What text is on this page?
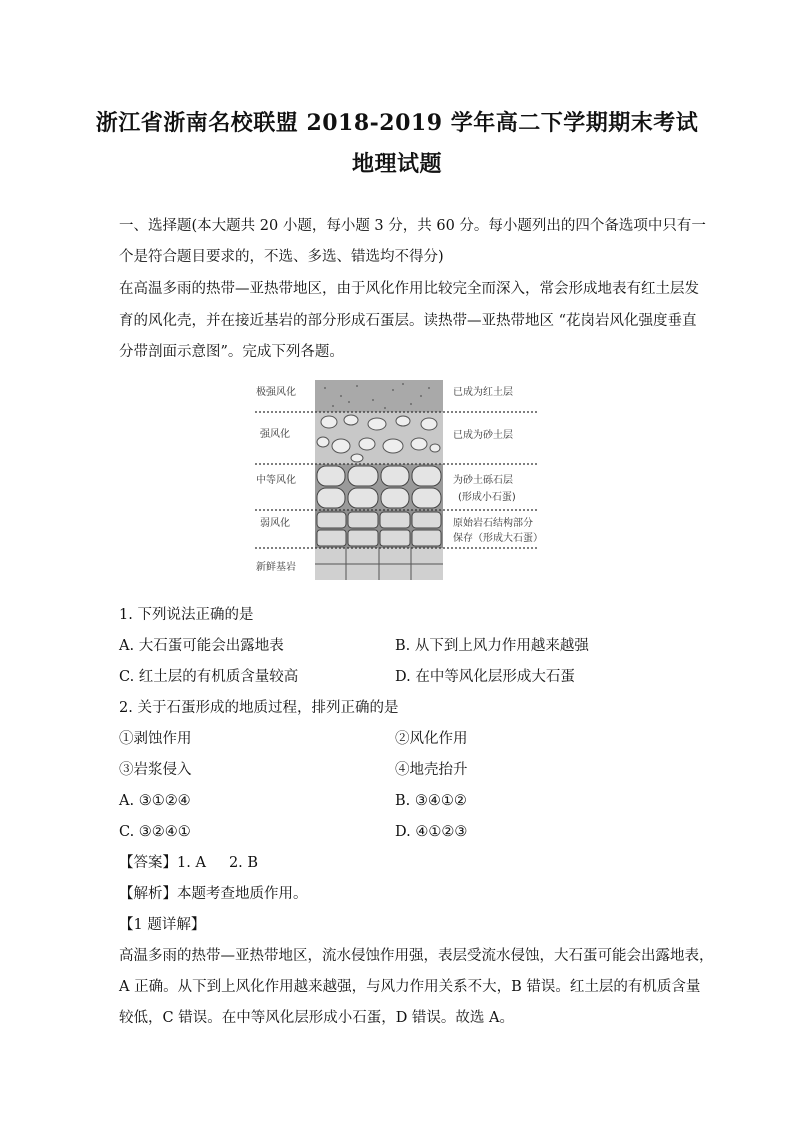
浙江省浙南名校联盟 2018-2019 学年高二下学期期末考试
地理试题
一、选择题(本大题共 20 小题，每小题 3 分，共 60 分。每小题列出的四个备选项中只有一
个是符合题目要求的，不选、多选、错选均不得分)
在高温多雨的热带—亚热带地区，由于风化作用比较完全而深入，常会形成地表有红土层发
育的风化壳，并在接近基岩的部分形成石蛋层。读热带—亚热带地区 “花岗岩风化强度垂直
分带剖面示意图”。完成下列各题。
极强风化
强风化
中等风化
弱风化
新鲜基岩
已成为红土层
已成为砂土层
为砂土砾石层
(形成小石蛋)
原始岩石结构部分
保存（形成大石蛋）
1. 下列说法正确的是
A. 大石蛋可能会出露地表	B. 从下到上风力作用越来越强
C. 红土层的有机质含量较高	D. 在中等风化层形成大石蛋
2. 关于石蛋形成的地质过程，排列正确的是
①剥蚀作用	②风化作用
③岩浆侵入	④地壳抬升
A. ③①②④	B. ③④①②
C. ③②④①	D. ④①②③
【答案】1. A     2. B
【解析】本题考查地质作用。
【1 题详解】
高温多雨的热带—亚热带地区，流水侵蚀作用强，表层受流水侵蚀，大石蛋可能会出露地表，
A 正确。从下到上风化作用越来越强，与风力作用关系不大，B 错误。红土层的有机质含量
较低，C 错误。在中等风化层形成小石蛋，D 错误。故选 A。
